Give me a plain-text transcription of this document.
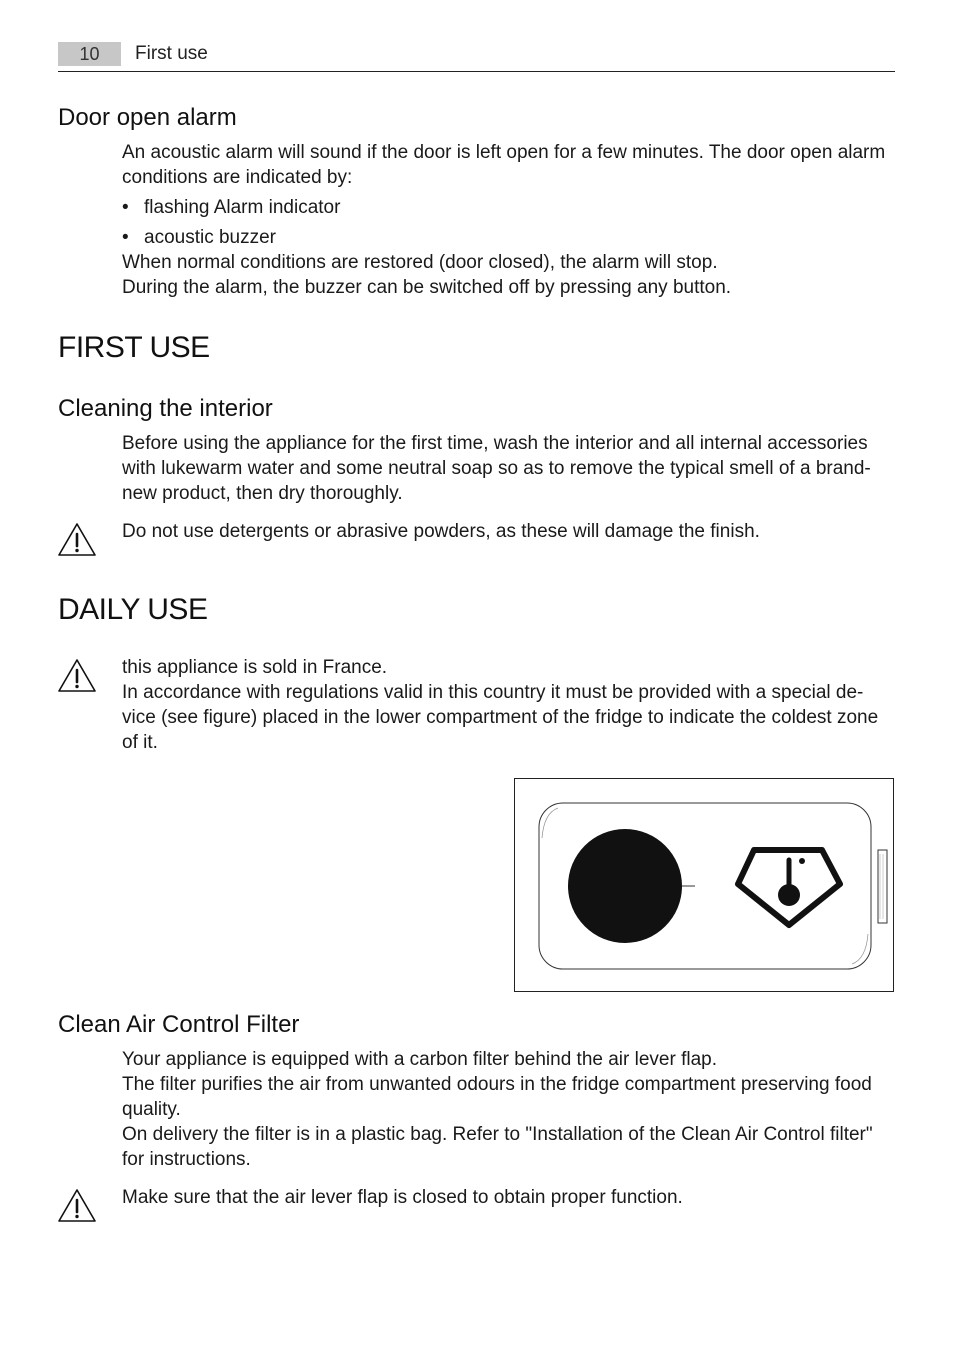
10	First use
Door open alarm

An acoustic alarm will sound if the door is left open for a few minutes. The door open alarm
conditions are indicated by:

• flashing Alarm indicator
• acoustic buzzer

When normal conditions are restored (door closed), the alarm will stop.
During the alarm, the buzzer can be switched off by pressing any button.

FIRST USE
Cleaning the interior

Before using the appliance for the first time, wash the interior and all internal accessories
with lukewarm water and some neutral soap so as to remove the typical smell of a brand-
new product, then dry thoroughly.

Do not use detergents or abrasive powders, as these will damage the finish.

DAILY USE

this appliance is sold in France.
In accordance with regulations valid in this country it must be provided with a special de-
vice (see figure) placed in the lower compartment of the fridge to indicate the coldest zone
of it.

Clean Air Control Filter

Your appliance is equipped with a carbon filter behind the air lever flap.
The filter purifies the air from unwanted odours in the fridge compartment preserving food
quality.
On delivery the filter is in a plastic bag. Refer to "Installation of the Clean Air Control filter"
for instructions.

Make sure that the air lever flap is closed to obtain proper function.
